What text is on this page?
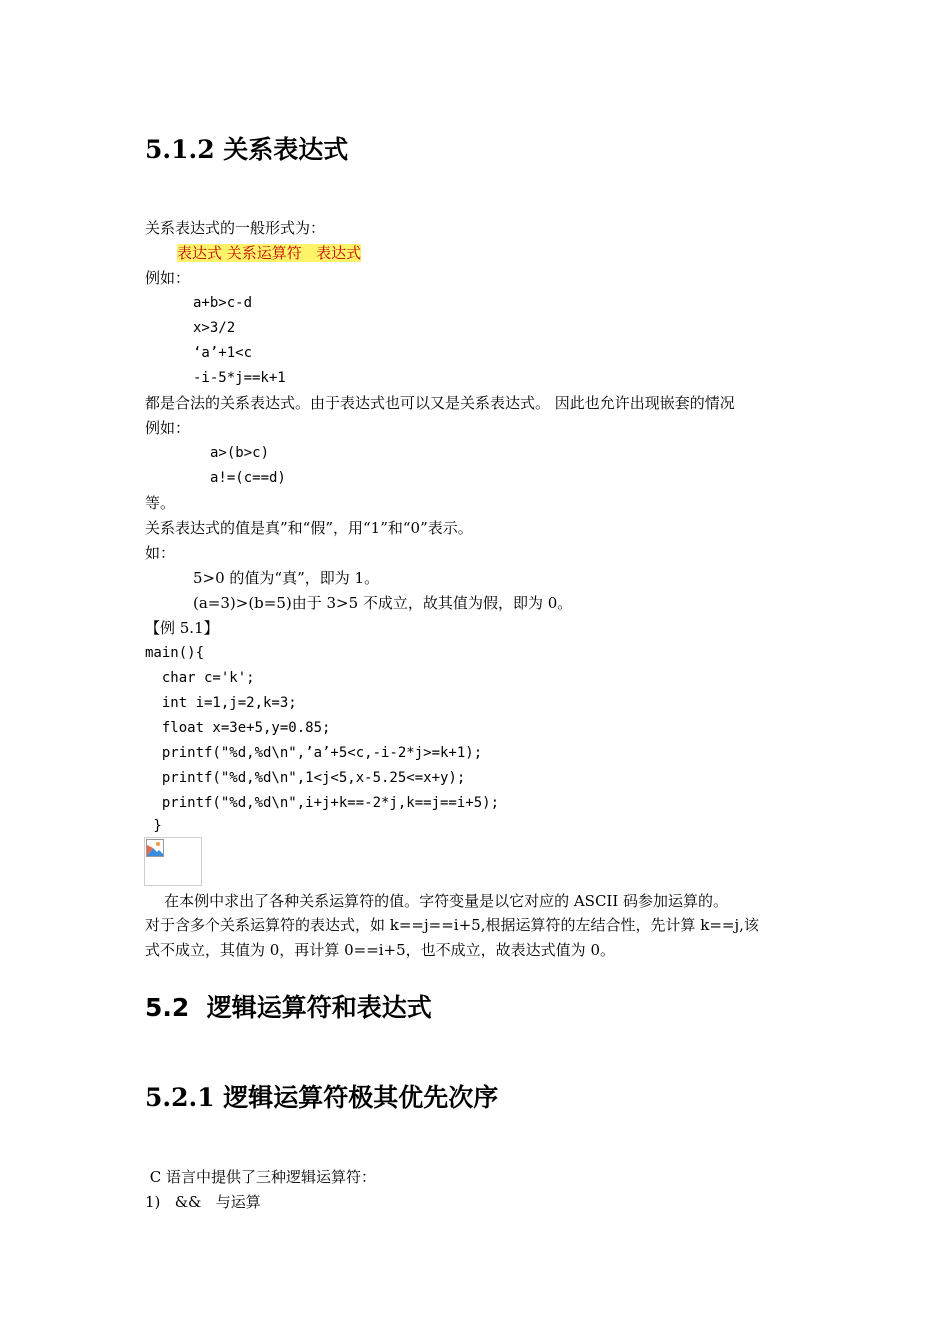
5.1.2 关系表达式
关系表达式的一般形式为：
表达式 关系运算符   表达式
例如：
a+b>c-d
x>3/2
‘a’+1<c
-i-5*j==k+1
都是合法的关系表达式。由于表达式也可以又是关系表达式。 因此也允许出现嵌套的情况
例如：
a>(b>c)
a!=(c==d)
等。
关系表达式的值是真”和“假”，用“1”和“0”表示。
如：
5>0 的值为“真”，即为 1。
(a=3)>(b=5)由于 3>5 不成立，故其值为假，即为 0。
【例 5.1】
main(){
char c='k';
int i=1,j=2,k=3;
float x=3e+5,y=0.85;
printf("%d,%d\n",’a’+5<c,-i-2*j>=k+1);
printf("%d,%d\n",1<j<5,x-5.25<=x+y);
printf("%d,%d\n",i+j+k==-2*j,k==j==i+5);
}
在本例中求出了各种关系运算符的值。字符变量是以它对应的 ASCII 码参加运算的。
对于含多个关系运算符的表达式，如 k==j==i+5,根据运算符的左结合性，先计算 k==j,该
式不成立，其值为 0，再计算 0==i+5，也不成立，故表达式值为 0。
5.2  逻辑运算符和表达式
5.2.1 逻辑运算符极其优先次序
C 语言中提供了三种逻辑运算符：
1)   &&   与运算
